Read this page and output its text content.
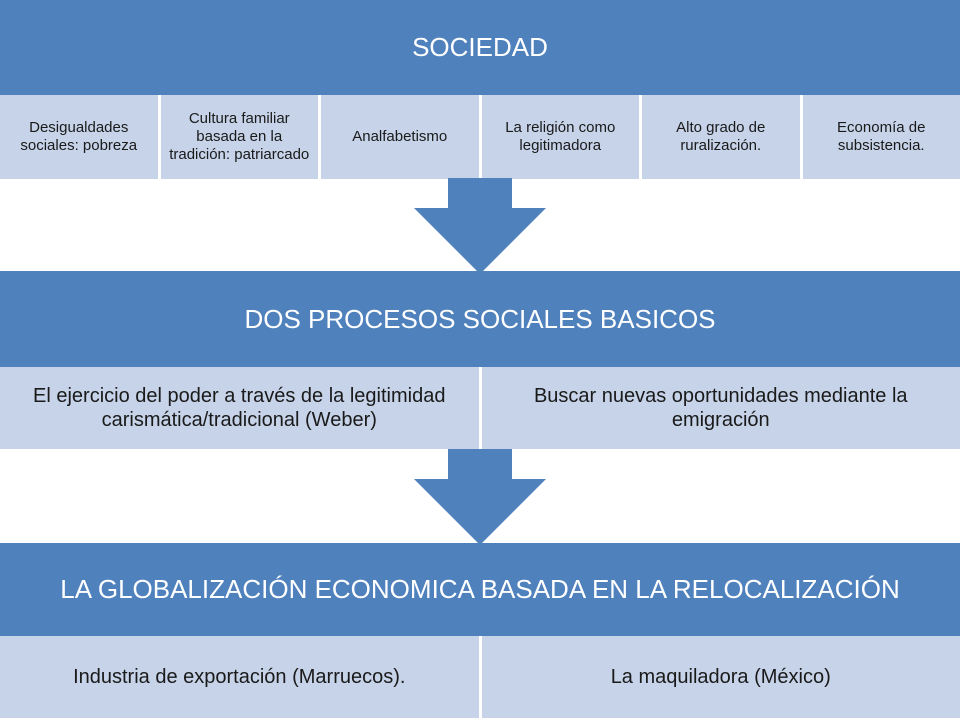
SOCIEDAD
Desigualdades sociales: pobreza
Cultura familiar basada en la tradición: patriarcado
Analfabetismo
La religión como legitimadora
Alto grado de ruralización.
Economía de subsistencia.
DOS PROCESOS SOCIALES BASICOS
El ejercicio del poder a través de la legitimidad carismática/tradicional (Weber)
Buscar nuevas oportunidades mediante la emigración
LA GLOBALIZACIÓN ECONOMICA BASADA EN LA RELOCALIZACIÓN
Industria de exportación (Marruecos).	La maquiladora (México)
